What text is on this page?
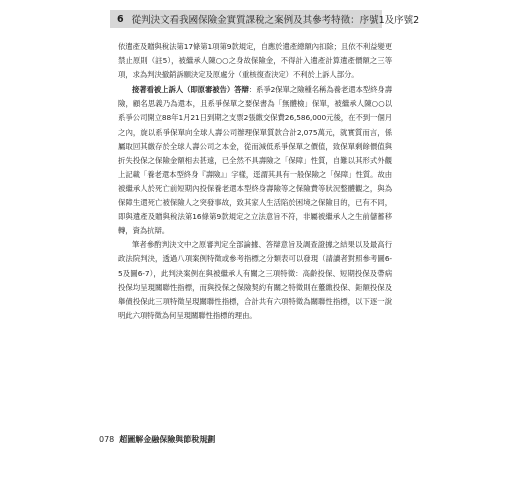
6 從判決文看我國保險金實質課稅之案例及其參考特徵：序號1及序號2

依遺產及贈與稅法第17條第1項第9款規定，自應於遺產總額內扣除；且依不利益變更禁止原則（註5），被繼承人陳○○之身故保險金，不得計入遺產計算遺產價額之三等項，求為判決撤銷訴願決定及原處分（重核復查決定）不利於上訴人部分。

接著看被上訴人（即原審被告）答辯：系爭2保單之險種名稱為養老還本型終身壽險，顧名思義乃為還本，且系爭保單之要保書為「無體檢」保單，被繼承人陳○○以系爭公司開立88年1月21日到期之支票2張繳交保費26,586,000元後，在不到一個月之內，旋以系爭保單向全球人壽公司辦理保單質款合計2,075萬元，就實質而言，係屬取回其繳存於全球人壽公司之本金，從而減低系爭保單之價值，致保單剩餘價值與折失投保之保險金額相去甚遠，已全然不具壽險之「保障」性質，自難以其形式外觀上記載「養老還本型終身『壽險』」字樣，逕謂其具有一般保險之「保障」性質。故由被繼承人於死亡前短期內投保養老還本型終身壽險等之保險費等狀況整體觀之，與為保障生還死亡被保險人之突發事故，致其家人生活陷於困境之保險目的，已有不同，即與遺產及贈與稅法第16條第9款規定之立法意旨不符，非屬被繼承人之生前儲蓄移轉，資為抗辯。

筆者參酌判決文中之原審判定全部論據、答辯意旨及調查證據之結果以及最高行政法院判決，透過八項案例特徵或參考指標之分類表可以發現（請讀者對照參考圖6-5及圖6-7），此判決案例在與被繼承人有關之三項特徵：高齡投保、短期投保及帶病投保均呈現關聯性指標，而與投保之保險契約有關之特徵則在躉繳投保、鉅額投保及舉債投保此三項特徵呈現關聯性指標，合計共有六項特徵為關聯性指標，以下逐一說明此六項特徵為何呈現關聯性指標的理由。

078 超圖解金融保險與節稅規劃
